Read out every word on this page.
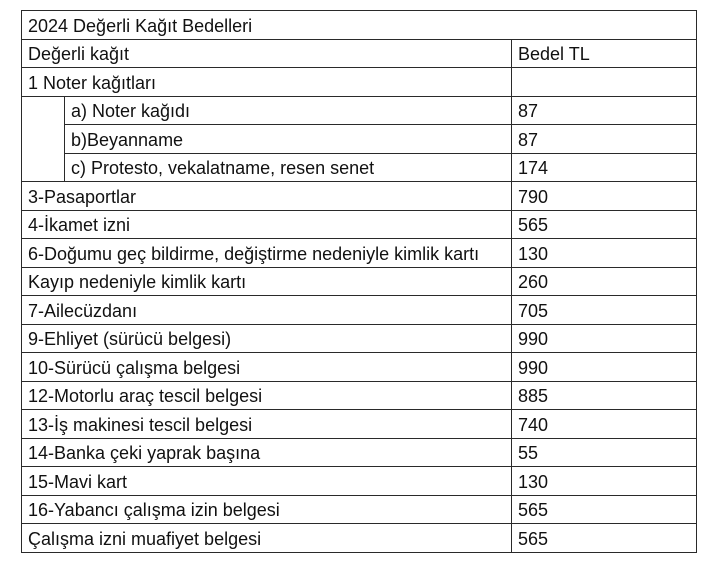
2024 Değerli Kağıt Bedelleri		
Değerli kağıt		Bedel TL
1 Noter kağıtları		
	a) Noter kağıdı	87
	b)Beyanname	87
	c) Protesto, vekalatname, resen senet	174
3-Pasaportlar		790
4-İkamet izni		565
6-Doğumu geç bildirme, değiştirme nedeniyle kimlik kartı		130
Kayıp nedeniyle kimlik kartı		260
7-Ailecüzdanı		705
9-Ehliyet (sürücü belgesi)		990
10-Sürücü çalışma belgesi		990
12-Motorlu araç tescil belgesi		885
13-İş makinesi tescil belgesi		740
14-Banka çeki yaprak başına		55
15-Mavi kart		130
16-Yabancı çalışma izin belgesi		565
Çalışma izni muafiyet belgesi		565
